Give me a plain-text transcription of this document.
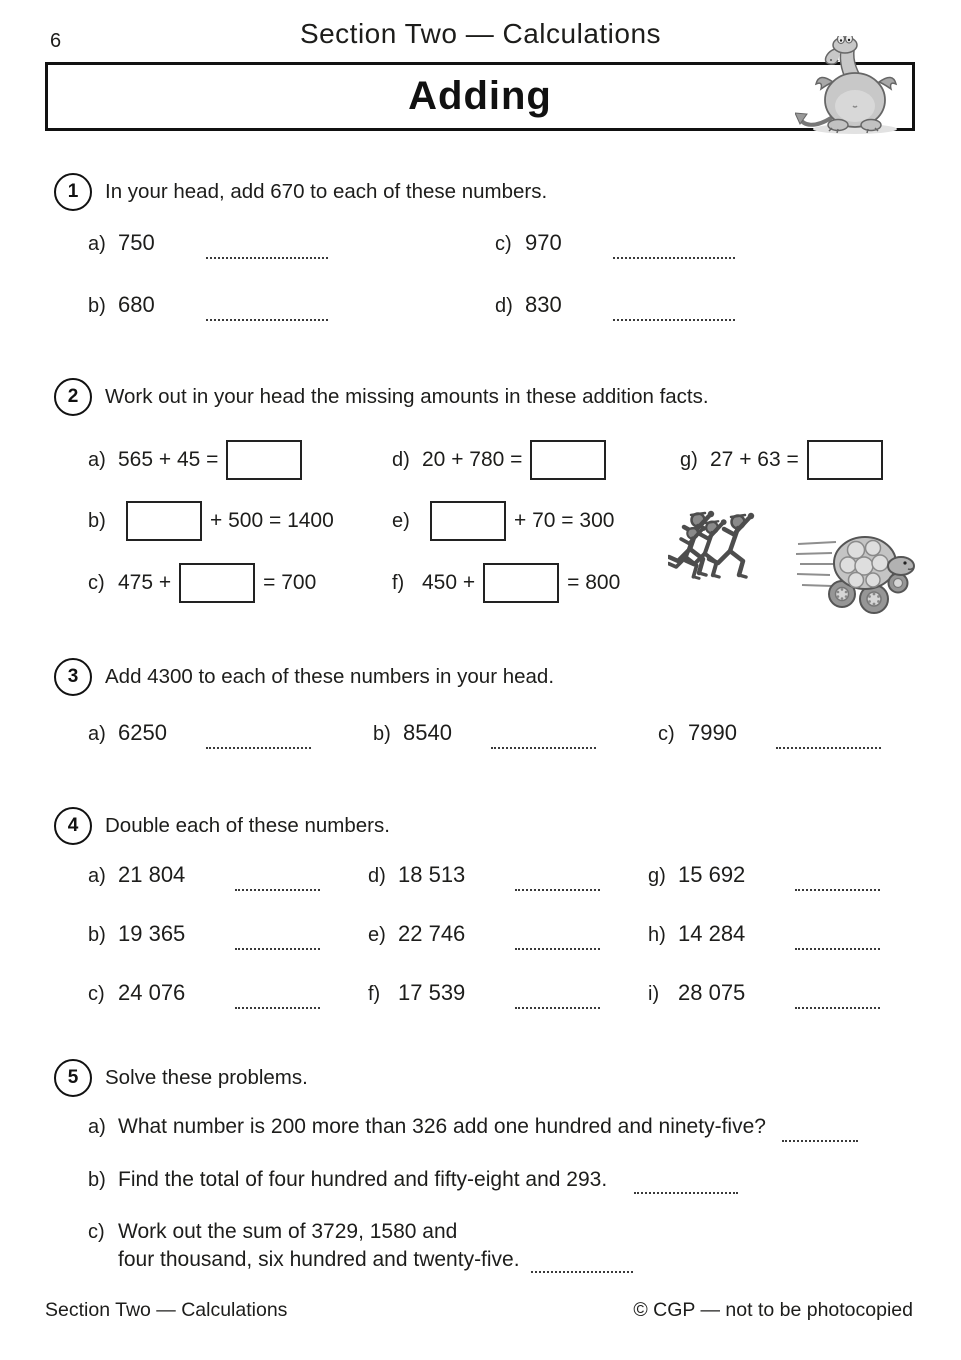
6	Section Two — Calculations
Adding
1	In your head, add 670 to each of these numbers.
a) 750	c) 970
b) 680	d) 830
2	Work out in your head the missing amounts in these addition facts.
a) 565 + 45 =	d) 20 + 780 =	g) 27 + 63 =
b)	+ 500 = 1400	e)	+ 70 = 300
c) 475 +	= 700	f) 450 +	= 800
3	Add 4300 to each of these numbers in your head.
a) 6250	b) 8540	c) 7990
4	Double each of these numbers.
a) 21 804	d) 18 513	g) 15 692
b) 19 365	e) 22 746	h) 14 284
c) 24 076	f) 17 539	i) 28 075
5	Solve these problems.
a) What number is 200 more than 326 add one hundred and ninety-five?
b) Find the total of four hundred and fifty-eight and 293.
c) Work out the sum of 3729, 1580 and
four thousand, six hundred and twenty-five.
Section Two — Calculations	© CGP — not to be photocopied
